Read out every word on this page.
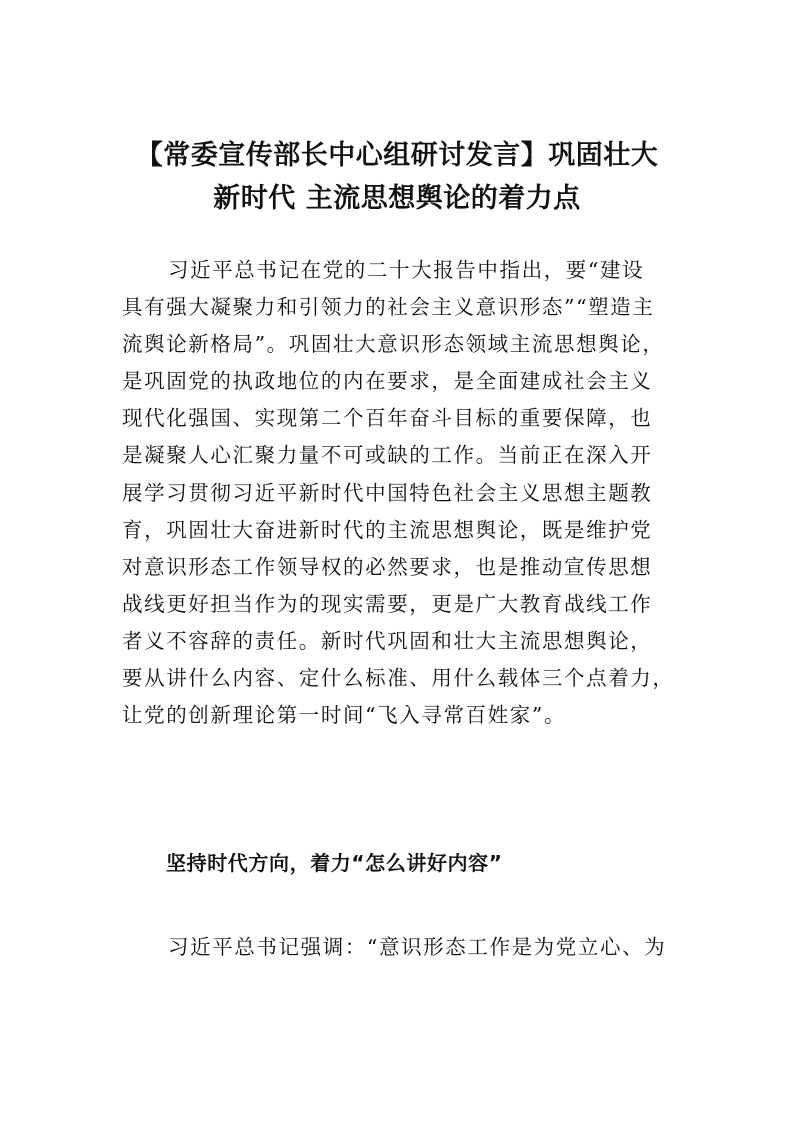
【常委宣传部长中心组研讨发言】巩固壮大
新时代 主流思想舆论的着力点
习近平总书记在党的二十大报告中指出，要“建设
具有强大凝聚力和引领力的社会主义意识形态”“塑造主
流舆论新格局”。巩固壮大意识形态领域主流思想舆论，
是巩固党的执政地位的内在要求，是全面建成社会主义
现代化强国、实现第二个百年奋斗目标的重要保障，也
是凝聚人心汇聚力量不可或缺的工作。当前正在深入开
展学习贯彻习近平新时代中国特色社会主义思想主题教
育，巩固壮大奋进新时代的主流思想舆论，既是维护党
对意识形态工作领导权的必然要求，也是推动宣传思想
战线更好担当作为的现实需要，更是广大教育战线工作
者义不容辞的责任。新时代巩固和壮大主流思想舆论，
要从讲什么内容、定什么标准、用什么载体三个点着力，
让党的创新理论第一时间“飞入寻常百姓家”。
坚持时代方向，着力“怎么讲好内容”

习近平总书记强调：“意识形态工作是为党立心、为
